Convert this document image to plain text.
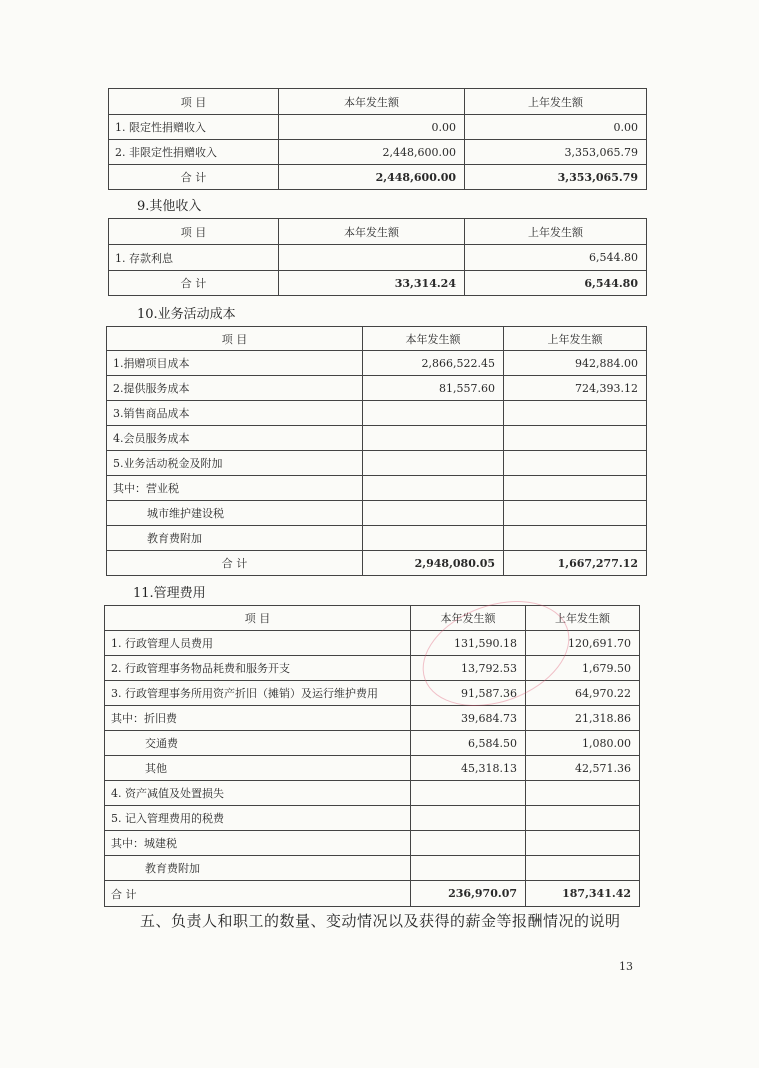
项 目	本年发生额	上年发生额
1. 限定性捐赠收入	0.00	0.00
2. 非限定性捐赠收入	2,448,600.00	3,353,065.79
合 计	2,448,600.00	3,353,065.79
9.其他收入
项 目	本年发生额	上年发生额
1. 存款利息		6,544.80
合 计	33,314.24	6,544.80
10.业务活动成本
项 目	本年发生额	上年发生额
1.捐赠项目成本	2,866,522.45	942,884.00
2.提供服务成本	81,557.60	724,393.12
3.销售商品成本		
4.会员服务成本		
5.业务活动税金及附加		
其中：营业税		
城市维护建设税		
教育费附加		
合 计	2,948,080.05	1,667,277.12
11.管理费用
项 目	本年发生额	上年发生额
1. 行政管理人员费用	131,590.18	120,691.70
2. 行政管理事务物品耗费和服务开支	13,792.53	1,679.50
3. 行政管理事务所用资产折旧（摊销）及运行维护费用	91,587.36	64,970.22
其中：折旧费	39,684.73	21,318.86
交通费	6,584.50	1,080.00
其他	45,318.13	42,571.36
4. 资产减值及处置损失		
5. 记入管理费用的税费		
其中：城建税		
教育费附加		
合 计	236,970.07	187,341.42
五、负责人和职工的数量、变动情况以及获得的薪金等报酬情况的说明
13
